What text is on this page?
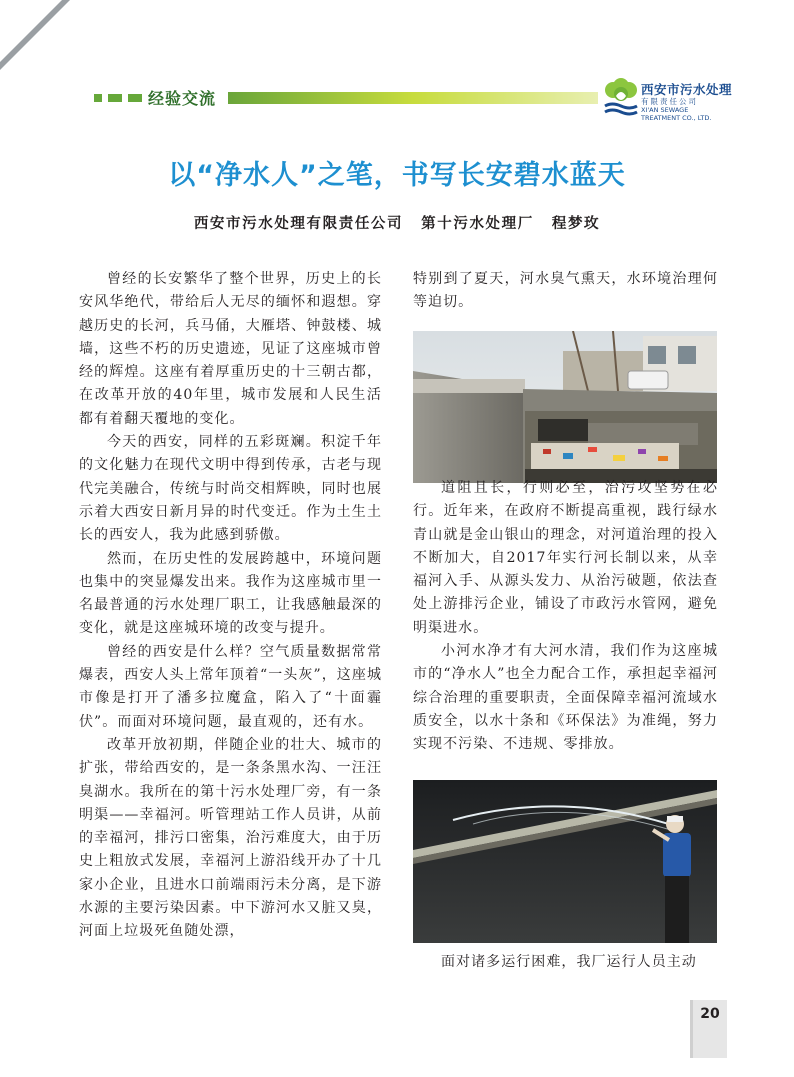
经验交流	西安市污水处理
有限责任公司
XI'AN SEWAGE
TREATMENT CO., LTD.
以“净水人”之笔，书写长安碧水蓝天
西安市污水处理有限责任公司 第十污水处理厂 程梦玫

曾经的长安繁华了整个世界，历史上的长安风华绝代，带给后人无尽的缅怀和遐想。穿越历史的长河，兵马俑，大雁塔、钟鼓楼、城墙，这些不朽的历史遗迹，见证了这座城市曾经的辉煌。这座有着厚重历史的十三朝古都，在改革开放的40年里，城市发展和人民生活都有着翻天覆地的变化。

今天的西安，同样的五彩斑斓。积淀千年的文化魅力在现代文明中得到传承，古老与现代完美融合，传统与时尚交相辉映，同时也展示着大西安日新月异的时代变迁。作为土生土长的西安人，我为此感到骄傲。

然而，在历史性的发展跨越中，环境问题也集中的突显爆发出来。我作为这座城市里一名最普通的污水处理厂职工，让我感触最深的变化，就是这座城环境的改变与提升。

曾经的西安是什么样？空气质量数据常常爆表，西安人头上常年顶着“一头灰”，这座城市像是打开了潘多拉魔盒，陷入了“十面霾伏”。而面对环境问题，最直观的，还有水。

改革开放初期，伴随企业的壮大、城市的扩张，带给西安的，是一条条黑水沟、一汪汪臭湖水。我所在的第十污水处理厂旁，有一条明渠——幸福河。听管理站工作人员讲，从前的幸福河，排污口密集，治污难度大，由于历史上粗放式发展，幸福河上游沿线开办了十几家小企业，且进水口前端雨污未分离，是下游水源的主要污染因素。中下游河水又脏又臭，河面上垃圾死鱼随处漂，

特别到了夏天，河水臭气熏天，水环境治理何等迫切。

道阻且长，行则必至，治污攻坚势在必行。近年来，在政府不断提高重视，践行绿水青山就是金山银山的理念，对河道治理的投入不断加大，自2017年实行河长制以来，从幸福河入手、从源头发力、从治污破题，依法查处上游排污企业，铺设了市政污水管网，避免明渠进水。

小河水净才有大河水清，我们作为这座城市的“净水人”也全力配合工作，承担起幸福河综合治理的重要职责，全面保障幸福河流域水质安全，以水十条和《环保法》为准绳，努力实现不污染、不违规、零排放。

面对诸多运行困难，我厂运行人员主动

20
